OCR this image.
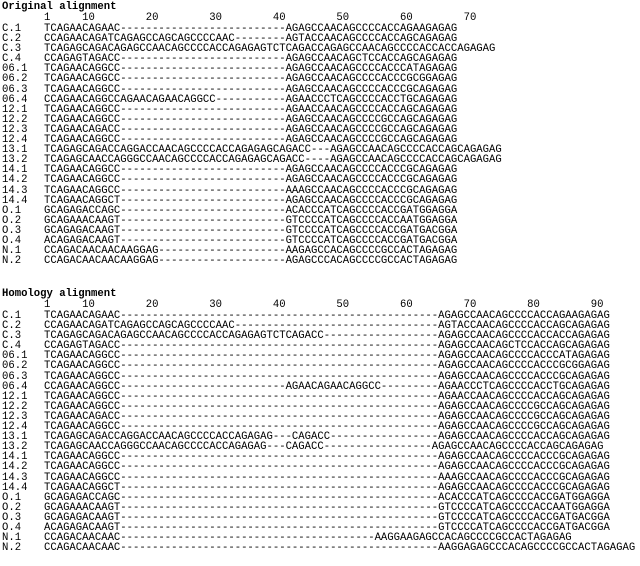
Original alignment
1     10        20        30        40        50        60        70
C.1 TCAGAACAGAAC--------------------------AGAGCCAACAGCCCCACCAGAAGAGAG
C.2 CCAGAACAGATCAGAGCCAGCAGCCCCAAC--------AGTACCAACAGCCCCACCAGCAGAGAG
C.3 TCAGAGCAGACAGAGCCAACAGCCCCACCAGAGAGTCTCAGACCAGAGCCAACAGCCCCACCACCAGAGAG
C.4 CCAGAGTAGACC--------------------------AGAGCCAACAGCTCCACCAGCAGAGAG
06.1 TCAGAACAGGCC--------------------------AGAGCCAACAGCCCCACCCATAGAGAG
06.2 TCAGAACAGGCC--------------------------AGAGCCAACAGCCCCACCCGCGGAGAG
06.3 TCAGAACAGGCC--------------------------AGAGCCAACAGCCCCACCCGCAGAGAG
06.4 CCAGAACAGGCCAGAACAGAACAGGCC-----------AGAACCCTCAGCCCCACCTGCAGAGAG
12.1 TCAGAACAGGCC--------------------------AGAACCAACAGCCCCACCAGCAGAGAG
12.2 TCAGAACAGGCC--------------------------AGAGCCAACAGCCCCGCCAGCAGAGAG
12.3 TCAGAACAGACC--------------------------AGAGCCAACAGCCCCGCCAGCAGAGAG
12.4 TCAGAACAGGCC--------------------------AGAGCCAACAGCCCCGCCAGCAGAGAG
13.1 TCAGAGCAGACCAGGACCAACAGCCCCACCAGAGAGCAGACC---AGAGCCAACAGCCCCACCAGCAGAGAG
13.2 TCAGAGCAACCAGGGCCAACAGCCCCACCAGAGAGCAGACC----AGAGCCAACAGCCCCACCAGCAGAGAG
14.1 TCAGAACAGGCC--------------------------AGAGCCAACAGCCCCACCCGCAGAGAG
14.2 TCAGAACAGGCC--------------------------AGAGCCAACAGCCCCACCCGCAGAGAG
14.3 TCAGAACAGGCC--------------------------AAAGCCAACAGCCCCACCCGCAGAGAG
14.4 TCAGAACAGGCT--------------------------AGAGCCAACAGCCCCACCCGCAGAGAG
O.1 GCAGAGACCAGC--------------------------ACACCCATCAGCCCCACCGATGGAGGA
O.2 GCAGAAACAAGT--------------------------GTCCCCATCAGCCCCACCAATGGAGGA
O.3 GCAGAGACAAGT--------------------------GTCCCCATCAGCCCCACCGATGACGGA
O.4 ACAGAGACAAGT--------------------------GTCCCCATCAGCCCCACCGATGACGGA
N.1 CCAGACAACAACAAGGAG--------------------AAGAGCCACAGCCCCGCCACTAGAGAG
N.2 CCAGACAACAACAAGGAG--------------------AGAGCCCACAGCCCCGCCACTAGAGAG
Homology alignment
1     10        20        30        40        50        60        70        80        90
C.1 TCAGAACAGAAC--------------------------------------------------AGAGCCAACAGCCCCACCAGAAGAGAG
C.2 CCAGAACAGATCAGAGCCAGCAGCCCCAAC--------------------------------AGTACCAACAGCCCCACCAGCAGAGAG
C.3 TCAGAGCAGACAGAGCCAACAGCCCCACCAGAGAGTCTCAGACC------------------AGAGCCAACAGCCCCACCACCAGAGAG
C.4 CCAGAGTAGACC--------------------------------------------------AGAGCCAACAGCTCCACCAGCAGAGAG
06.1 TCAGAACAGGCC--------------------------------------------------AGAGCCAACAGCCCCACCCATAGAGAG
06.2 TCAGAACAGGCC--------------------------------------------------AGAGCCAACAGCCCCACCCGCGGAGAG
06.3 TCAGAACAGGCC--------------------------------------------------AGAGCCAACAGCCCCACCCGCAGAGAG
06.4 CCAGAACAGGCC--------------------------AGAACAGAACAGGCC---------AGAACCCTCAGCCCCACCTGCAGAGAG
12.1 TCAGAACAGGCC--------------------------------------------------AGAACCAACAGCCCCACCAGCAGAGAG
12.2 TCAGAACAGGCC--------------------------------------------------AGAGCCAACAGCCCCGCCAGCAGAGAG
12.3 TCAGAACAGACC--------------------------------------------------AGAGCCAACAGCCCCGCCAGCAGAGAG
12.4 TCAGAACAGGCC--------------------------------------------------AGAGCCAACAGCCCCGCCAGCAGAGAG
13.1 TCAGAGCAGACCAGGACCAACAGCCCCACCAGAGAG---CAGACC-----------------AGAGCCAACAGCCCCACCAGCAGAGAG
13.2 TCAGAGCAACCAGGGCCAACAGCCCCACCAGAGAG---CAGACC-----------------AGAGCCAACAGCCCCACCAGCAGAGAG
14.1 TCAGAACAGGCC--------------------------------------------------AGAGCCAACAGCCCCACCCGCAGAGAG
14.2 TCAGAACAGGCC--------------------------------------------------AGAGCCAACAGCCCCACCCGCAGAGAG
14.3 TCAGAACAGGCC--------------------------------------------------AAAGCCAACAGCCCCACCCGCAGAGAG
14.4 TCAGAACAGGCT--------------------------------------------------AGAGCCAACAGCCCCACCCGCAGAGAG
O.1 GCAGAGACCAGC--------------------------------------------------ACACCCATCAGCCCCACCGATGGAGGA
O.2 GCAGAAACAAGT--------------------------------------------------GTCCCCATCAGCCCCACCAATGGAGGA
O.3 GCAGAGACAAGT--------------------------------------------------GTCCCCATCAGCCCCACCGATGACGGA
O.4 ACAGAGACAAGT--------------------------------------------------GTCCCCATCAGCCCCACCGATGACGGA
N.1 CCAGACAACAAC----------------------------------------AAGGAAGAGCCACAGCCCCGCCACTAGAGAG
N.2 CCAGACAACAAC--------------------------------------------------AAGGAGAGCCCACAGCCCCGCCACTAGAGAG
